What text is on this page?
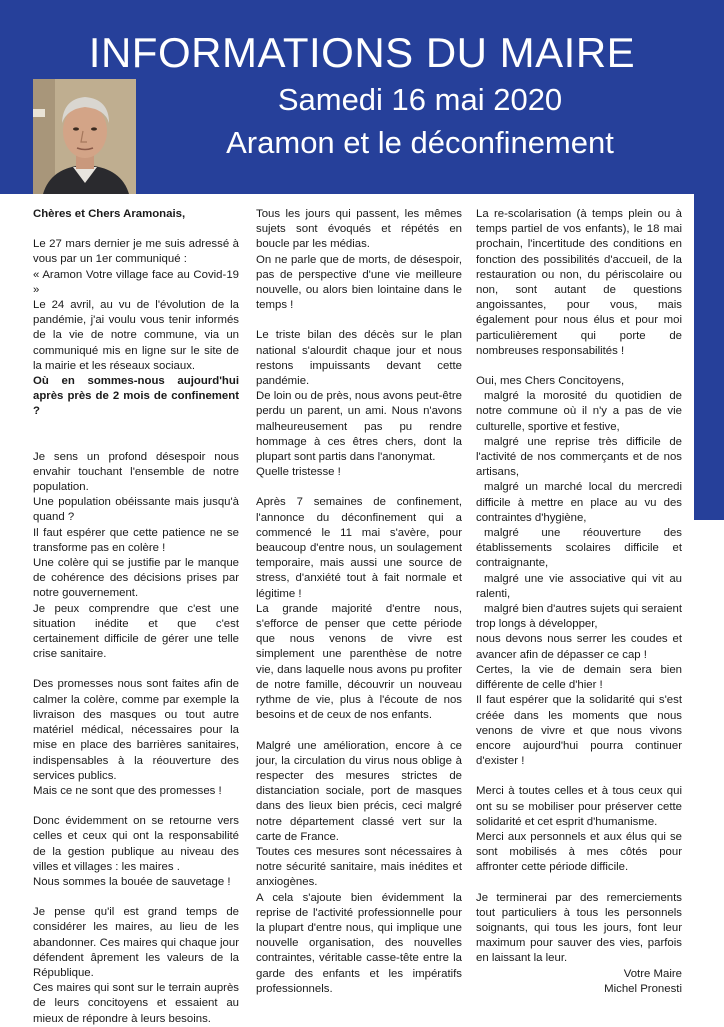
INFORMATIONS DU MAIRE
Samedi 16 mai 2020
Aramon et le déconfinement

Chères et Chers Aramonais,

Le 27 mars dernier je me suis adressé à vous par un 1er communiqué :

« Aramon Votre village face au Covid-19 »

Le 24 avril, au vu de l'évolution de la pandémie, j'ai voulu vous tenir informés de la vie de notre commune, via un communiqué mis en ligne sur le site de la mairie et les réseaux sociaux.

Où en sommes-nous aujourd'hui après près de 2 mois de confinement ?

Je sens un profond désespoir nous envahir touchant l'ensemble de notre population.

Une population obéissante mais jusqu'à quand ?

Il faut espérer que cette patience ne se transforme pas en colère !

Une colère qui se justifie par le manque de cohérence des décisions prises par notre gouvernement.

Je peux comprendre que c'est une situation inédite et que c'est certainement difficile de gérer une telle crise sanitaire.

Des promesses nous sont faites afin de calmer la colère, comme par exemple la livraison des masques ou tout autre matériel médical, nécessaires pour la mise en place des barrières sanitaires, indispensables à la réouverture des services publics.

Mais ce ne sont que des promesses !

Donc évidemment on se retourne vers celles et ceux qui ont la responsabilité de la gestion publique au niveau des villes et villages : les maires .

Nous sommes la bouée de sauvetage !

Je pense qu'il est grand temps de considérer les maires, au lieu de les abandonner. Ces maires qui chaque jour défendent âprement les valeurs de la République.

Ces maires qui sont sur le terrain auprès de leurs concitoyens et essaient au mieux de répondre à leurs besoins.

Tous les jours qui passent, les mêmes sujets sont évoqués et répétés en boucle par les médias.

On ne parle que de morts, de désespoir, pas de perspective d'une vie meilleure nouvelle, ou alors bien lointaine dans le temps !

Le triste bilan des décès sur le plan national s'alourdit chaque jour et nous restons impuissants devant cette pandémie.

De loin ou de près, nous avons peut-être perdu un parent, un ami. Nous n'avons malheureusement pas pu rendre hommage à ces êtres chers, dont la plupart sont partis dans l'anonymat.

Quelle tristesse !

Après 7 semaines de confinement, l'annonce du déconfinement qui a commencé le 11 mai s'avère, pour beaucoup d'entre nous, un soulagement temporaire, mais aussi une source de stress, d'anxiété tout à fait normale et légitime !

La grande majorité d'entre nous, s'efforce de penser que cette période que nous venons de vivre est simplement une parenthèse de notre vie, dans laquelle nous avons pu profiter de notre famille, découvrir un nouveau rythme de vie, plus à l'écoute de nos besoins et de ceux de nos enfants.

Malgré une amélioration, encore à ce jour, la circulation du virus nous oblige à respecter des mesures strictes de distanciation sociale, port de masques dans des lieux bien précis, ceci malgré notre département classé vert sur la carte de France.

Toutes ces mesures sont nécessaires à notre sécurité sanitaire, mais inédites et anxiogènes.

A cela s'ajoute bien évidemment la reprise de l'activité professionnelle pour la plupart d'entre nous, qui implique une nouvelle organisation, des nouvelles contraintes, véritable casse-tête entre la garde des enfants et les impératifs professionnels.

La re-scolarisation (à temps plein ou à temps partiel de vos enfants), le 18 mai prochain, l'incertitude des conditions en fonction des possibilités d'accueil, de la restauration ou non, du périscolaire ou non, sont autant de questions angoissantes, pour vous, mais également pour nous élus et pour moi particulièrement qui porte de nombreuses responsabilités !

Oui, mes Chers Concitoyens,

malgré la morosité du quotidien de notre commune où il n'y a pas de vie culturelle, sportive et festive,

malgré une reprise très difficile de l'activité de nos commerçants et de nos artisans,

malgré un marché local du mercredi difficile à mettre en place au vu des contraintes d'hygiène,

malgré une réouverture des établissements scolaires difficile et contraignante,

malgré une vie associative qui vit au ralenti,

malgré bien d'autres sujets qui seraient trop longs à développer,

nous devons nous serrer les coudes et avancer afin de dépasser ce cap !

Certes, la vie de demain sera bien différente de celle d'hier !

Il faut espérer que la solidarité qui s'est créée dans les moments que nous venons de vivre et que nous vivons encore aujourd'hui pourra continuer d'exister !

Merci à toutes celles et à tous ceux qui ont su se mobiliser pour préserver cette solidarité et cet esprit d'humanisme.

Merci aux personnels et aux élus qui se sont mobilisés à mes côtés pour affronter cette période difficile.

Je terminerai par des remerciements tout particuliers à tous les personnels soignants, qui tous les jours, font leur maximum pour sauver des vies, parfois en laissant la leur.

Votre Maire

Michel Pronesti
